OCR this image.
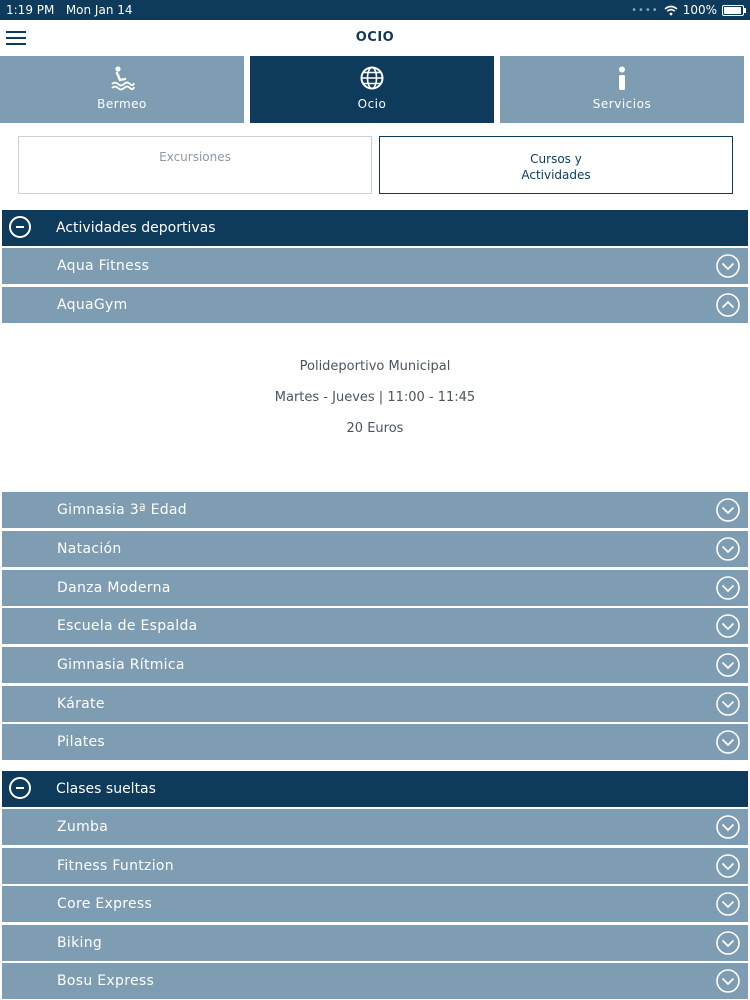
1:19 PM Mon Jan 14	•••• 100%
OCIO
Bermeo	Ocio	Servicios
Excursiones	Cursos y
Actividades
Actividades deportivas
Aqua Fitness
AquaGym
Polideportivo Municipal
Martes - Jueves | 11:00 - 11:45
20 Euros
Gimnasia 3ª Edad
Natación
Danza Moderna
Escuela de Espalda
Gimnasia Rítmica
Kárate
Pilates
Clases sueltas
Zumba
Fitness Funtzion
Core Express
Biking
Bosu Express
